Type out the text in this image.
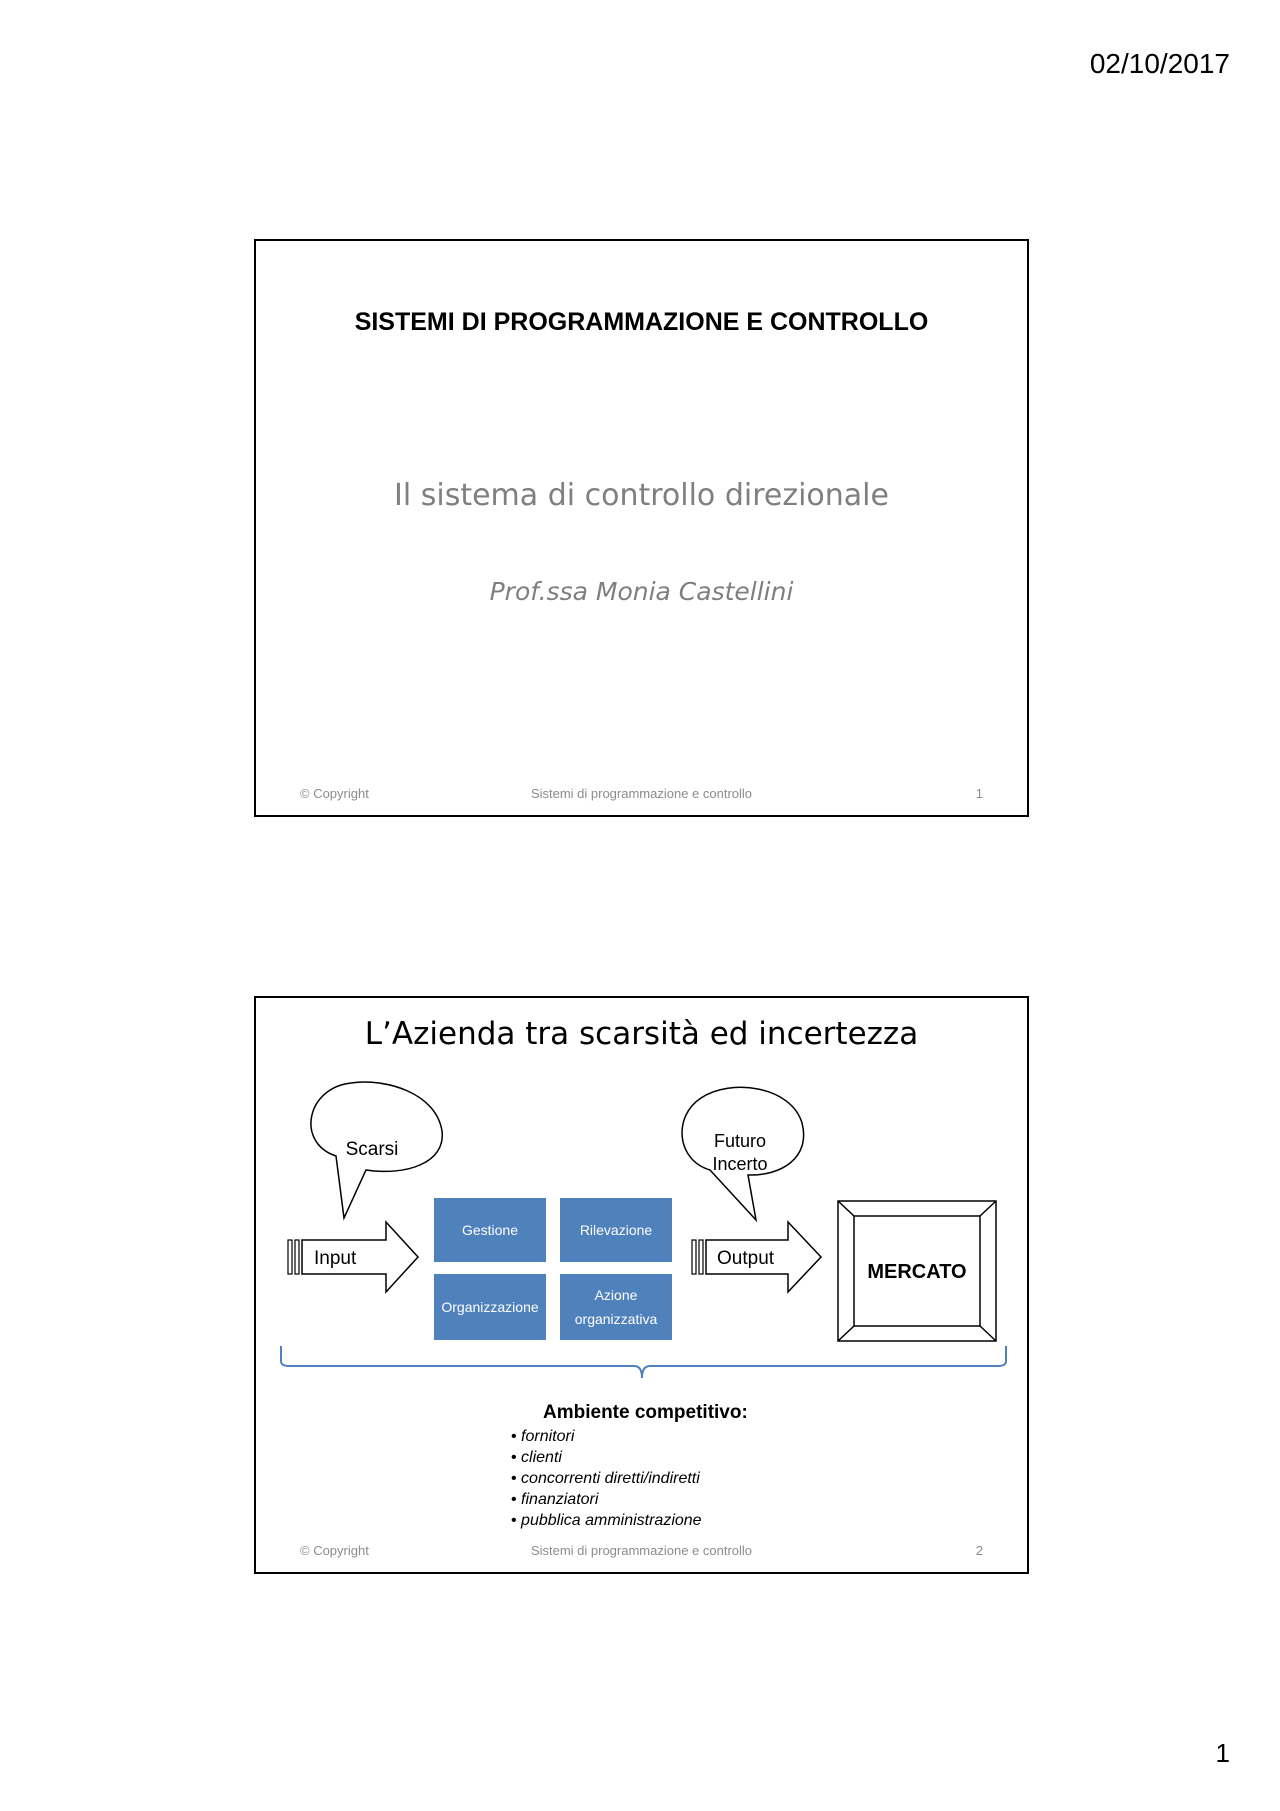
02/10/2017
SISTEMI DI PROGRAMMAZIONE E CONTROLLO
Il sistema di controllo direzionale
Prof.ssa Monia Castellini
© Copyright	Sistemi di programmazione e controllo	1
L’Azienda tra scarsità ed incertezza
Scarsi	Futuro
Incerto
Input	Output
MERCATO
Gestione	Rilevazione
Organizzazione
Azione
organizzativa
Ambiente competitivo:
• fornitori
• clienti
• concorrenti diretti/indiretti
• finanziatori
• pubblica amministrazione
© Copyright	Sistemi di programmazione e controllo	2
1
